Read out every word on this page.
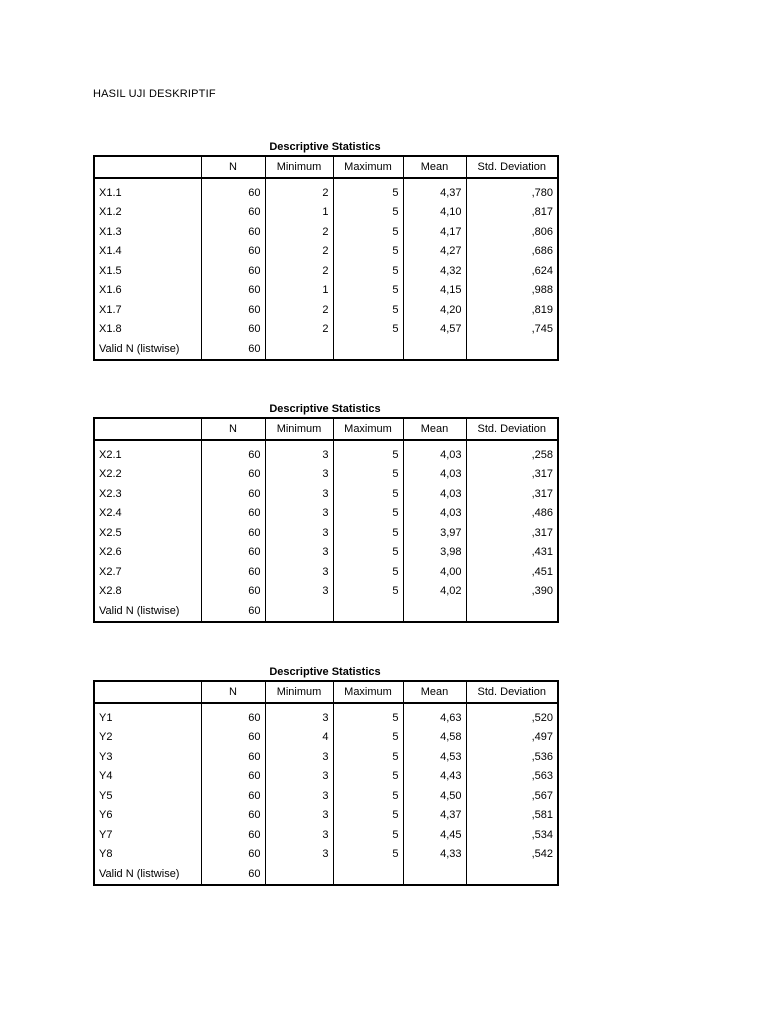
HASIL UJI DESKRIPTIF
Descriptive Statistics
	N	Minimum	Maximum	Mean	Std. Deviation
X1.1	60	2	5	4,37	,780
X1.2	60	1	5	4,10	,817
X1.3	60	2	5	4,17	,806
X1.4	60	2	5	4,27	,686
X1.5	60	2	5	4,32	,624
X1.6	60	1	5	4,15	,988
X1.7	60	2	5	4,20	,819
X1.8	60	2	5	4,57	,745
Valid N (listwise)	60				
Descriptive Statistics
	N	Minimum	Maximum	Mean	Std. Deviation
X2.1	60	3	5	4,03	,258
X2.2	60	3	5	4,03	,317
X2.3	60	3	5	4,03	,317
X2.4	60	3	5	4,03	,486
X2.5	60	3	5	3,97	,317
X2.6	60	3	5	3,98	,431
X2.7	60	3	5	4,00	,451
X2.8	60	3	5	4,02	,390
Valid N (listwise)	60				
Descriptive Statistics
	N	Minimum	Maximum	Mean	Std. Deviation
Y1	60	3	5	4,63	,520
Y2	60	4	5	4,58	,497
Y3	60	3	5	4,53	,536
Y4	60	3	5	4,43	,563
Y5	60	3	5	4,50	,567
Y6	60	3	5	4,37	,581
Y7	60	3	5	4,45	,534
Y8	60	3	5	4,33	,542
Valid N (listwise)	60				
